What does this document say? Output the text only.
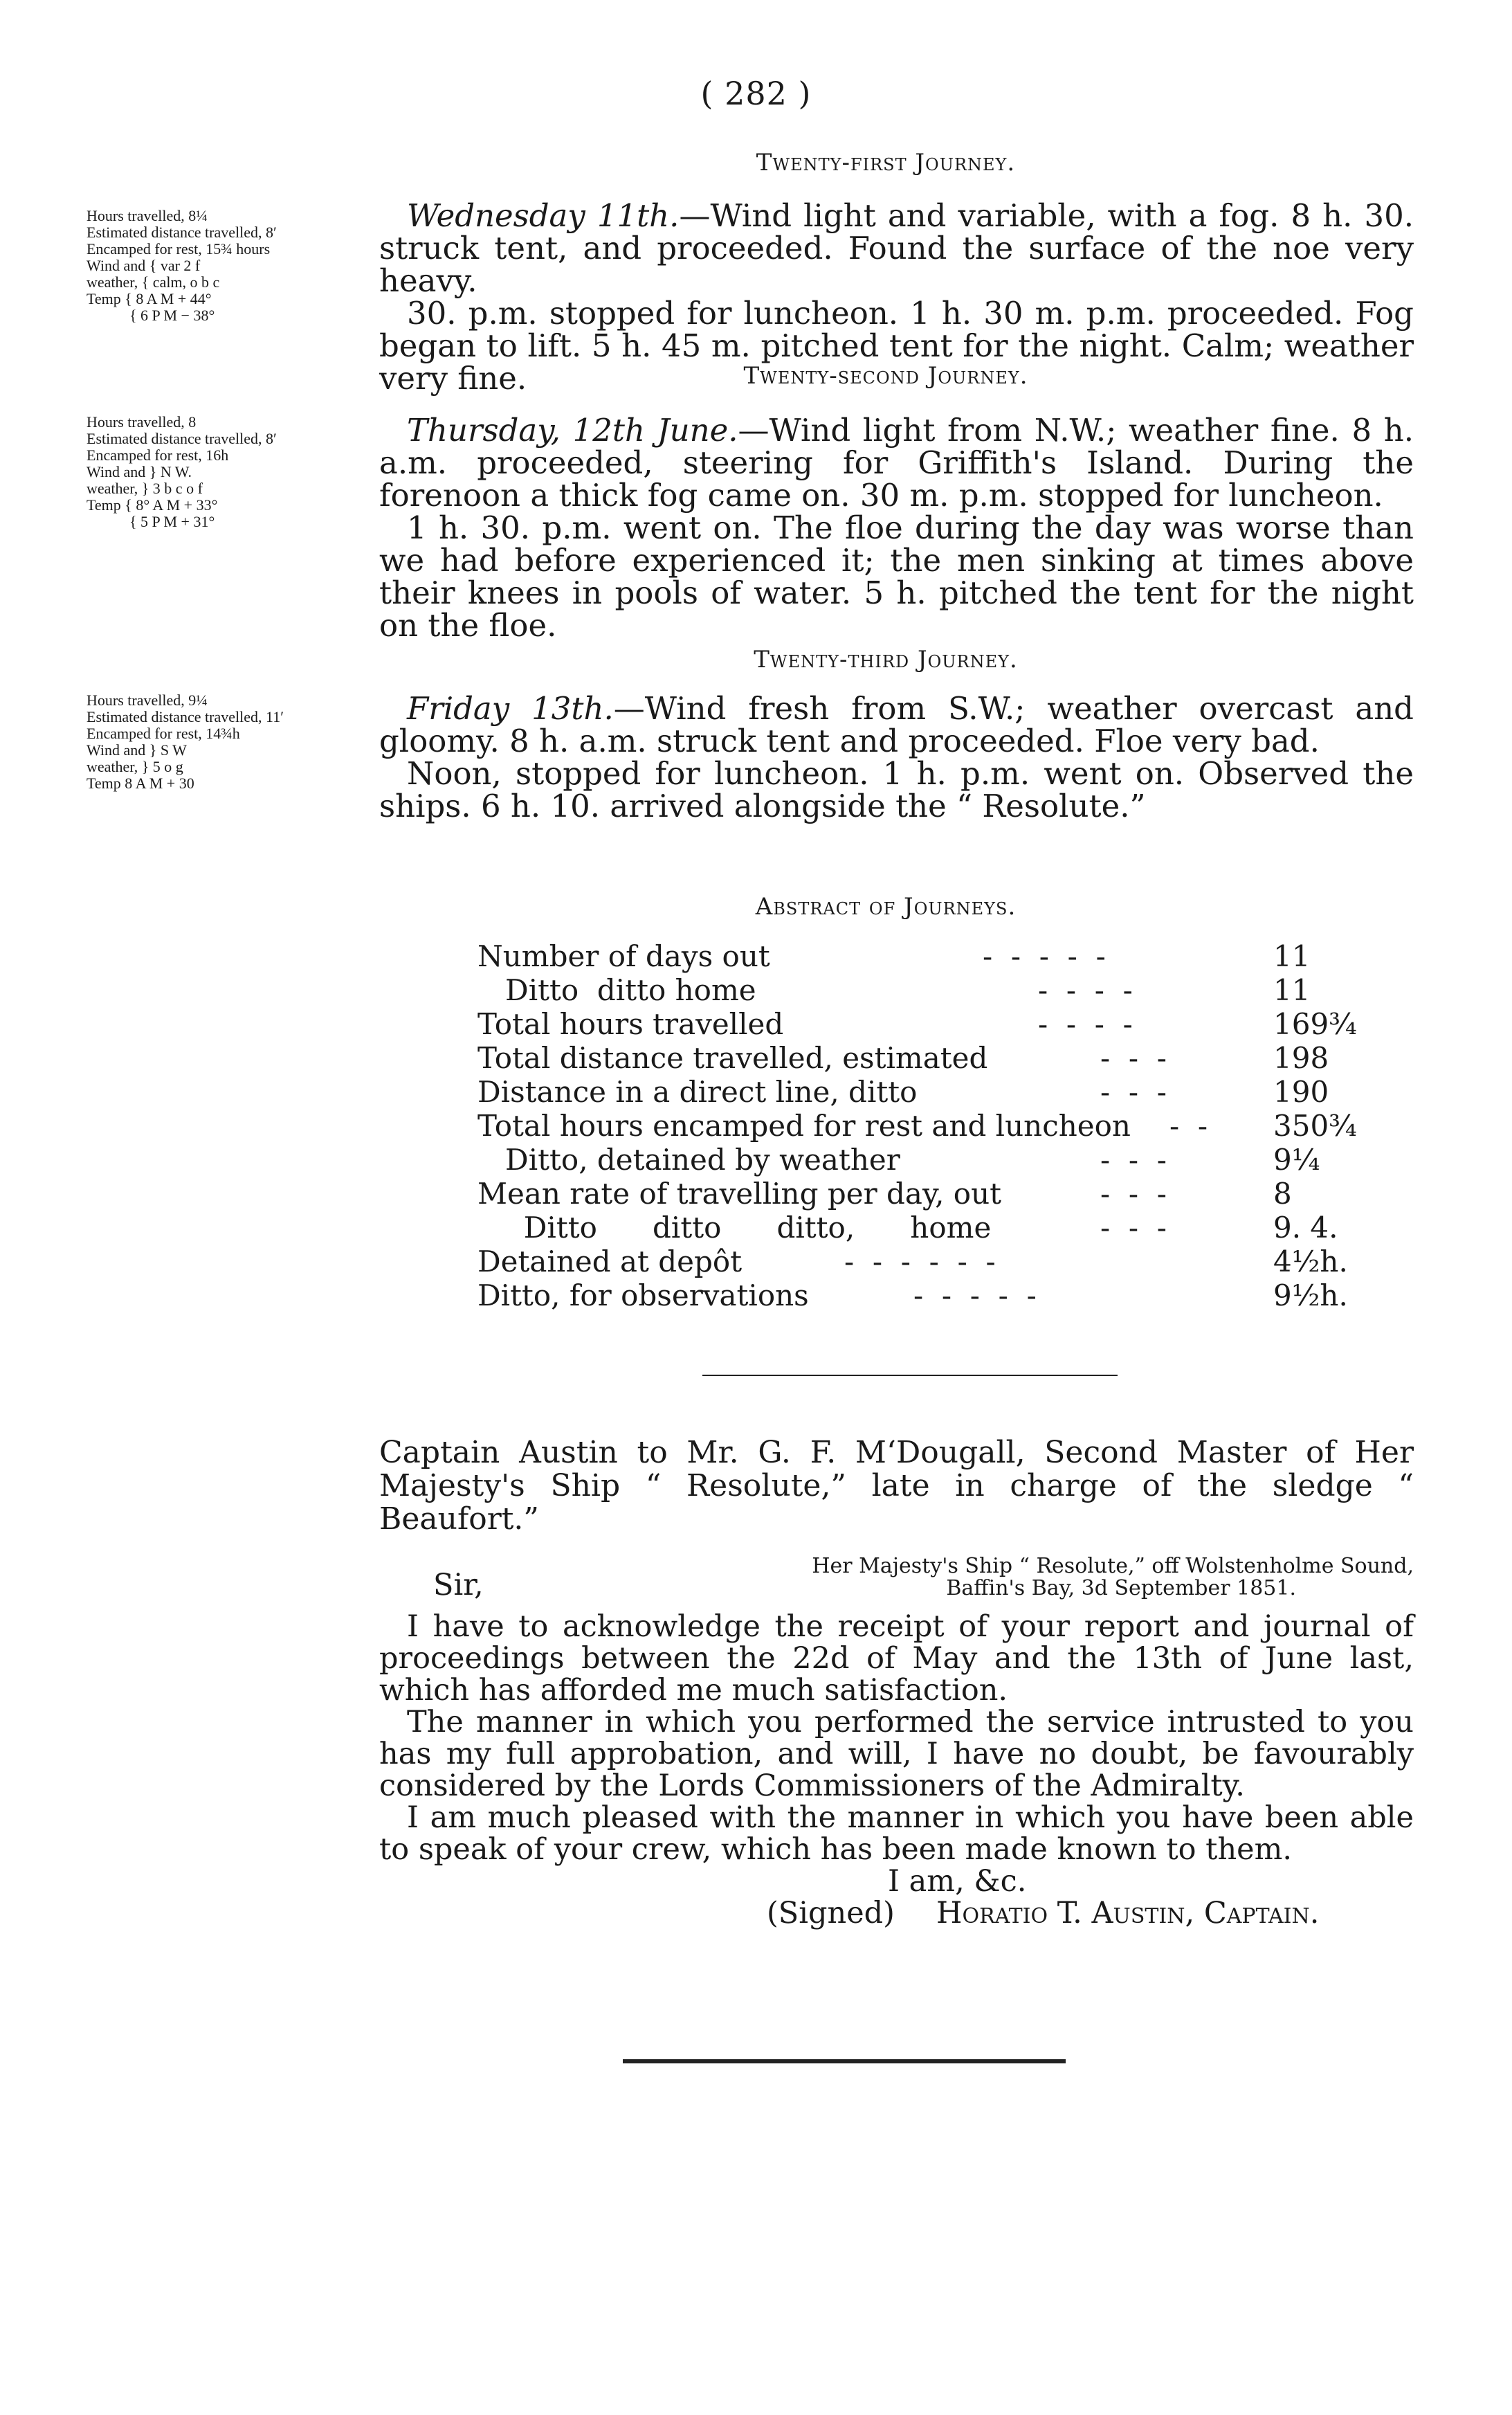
( 282 )
Twenty-first Journey.
Hours travelled, 8¼
Estimated distance travelled, 8′
Encamped for rest, 15¾ hours
Wind and { var 2 f
weather, { calm, o b c
Temp { 8 A M + 44°
{ 6 P M − 38°

Wednesday 11th.—Wind light and variable, with a fog. 8 h. 30. struck tent, and proceeded. Found the surface of the noe very heavy.

30. p.m. stopped for luncheon. 1 h. 30 m. p.m. proceeded. Fog began to lift. 5 h. 45 m. pitched tent for the night. Calm; weather very fine.	Twenty-second Journey.
Hours travelled, 8
Estimated distance travelled, 8′
Encamped for rest, 16h
Wind and } N W.
weather, } 3 b c o f
Temp { 8° A M + 33°
{ 5 P M + 31°

Thursday, 12th June.—Wind light from N.W.; weather fine. 8 h. a.m. proceeded, steering for Griffith's Island. During the forenoon a thick fog came on. 30 m. p.m. stopped for luncheon.

1 h. 30. p.m. went on. The floe during the day was worse than we had before experienced it; the men sinking at times above their knees in pools of water. 5 h. pitched the tent for the night on the floe.

Twenty-third Journey.
Hours travelled, 9¼
Estimated distance travelled, 11′
Encamped for rest, 14¾h
Wind and } S W
weather, } 5 o g
Temp 8 A M + 30

Friday 13th.—Wind fresh from S.W.; weather overcast and gloomy. 8 h. a.m. struck tent and proceeded. Floe very bad.

Noon, stopped for luncheon. 1 h. p.m. went on. Observed the ships. 6 h. 10. arrived alongside the “ Resolute.”

Abstract of Journeys.
Number of days out	-  -  -  -  -	11
Ditto  ditto home	-  -  -  -	11
Total hours travelled	-  -  -  -	169¾
Total distance travelled, estimated	-  -  -	198
Distance in a direct line, ditto	-  -  -	190
Total hours encamped for rest and luncheon	-  -	350¾
Ditto, detained by weather	-  -  -	9¼
Mean rate of travelling per day, out	-  -  -	8
Ditto      ditto      ditto,      home	-  -  -	9. 4.
Detained at depôt	-  -  -  -  -  -	4½h.
Ditto, for observations	-  -  -  -  -	9½h.

Captain Austin to Mr. G. F. M‘Dougall, Second Master of Her Majesty's Ship “ Resolute,” late in charge of the sledge “ Beaufort.”

Her Majesty's Ship “ Resolute,” off Wolstenholme Sound,
Baffin's Bay, 3d September 1851.
Sir,

I have to acknowledge the receipt of your report and journal of proceedings between the 22d of May and the 13th of June last, which has afforded me much satisfaction.

The manner in which you performed the service intrusted to you has my full approbation, and will, I have no doubt, be favourably considered by the Lords Commissioners of the Admiralty.

I am much pleased with the manner in which you have been able to speak of your crew, which has been made known to them.

I am, &c.

(Signed) Horatio T. Austin, Captain.
